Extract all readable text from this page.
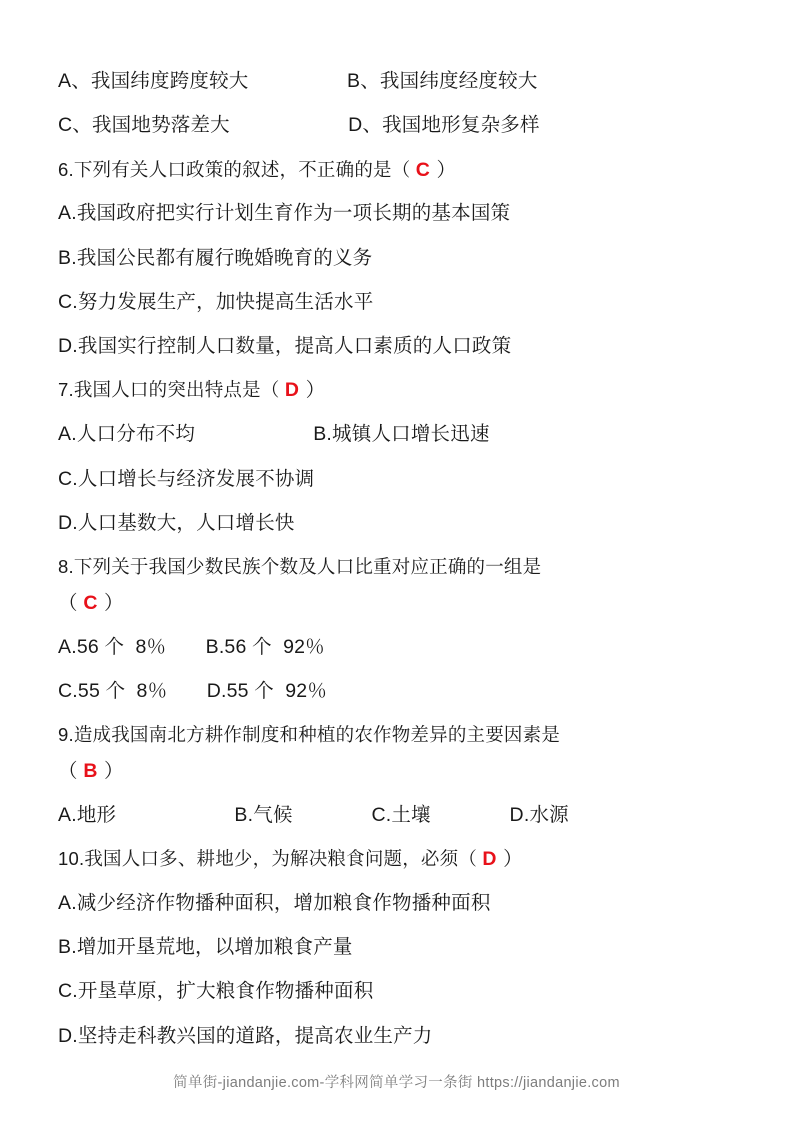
A、我国纬度跨度较大　　　　　B、我国纬度经度较大

C、我国地势落差大　　　　　　D、我国地形复杂多样

6.下列有关人口政策的叙述，不正确的是（ C ）

A.我国政府把实行计划生育作为一项长期的基本国策

B.我国公民都有履行晚婚晚育的义务

C.努力发展生产，加快提高生活水平

D.我国实行控制人口数量，提高人口素质的人口政策

7.我国人口的突出特点是（ D ）

A.人口分布不均　　　　　　B.城镇人口增长迅速

C.人口增长与经济发展不协调

D.人口基数大，人口增长快

8.下列关于我国少数民族个数及人口比重对应正确的一组是

（ C ）

A.56 个  8％　　B.56 个  92％

C.55 个  8％　　D.55 个  92％

9.造成我国南北方耕作制度和种植的农作物差异的主要因素是

（ B ）

A.地形　　　　　　B.气候　　　　C.土壤　　　　D.水源

10.我国人口多、耕地少，为解决粮食问题，必须（ D ）

A.减少经济作物播种面积，增加粮食作物播种面积

B.增加开垦荒地，以增加粮食产量

C.开垦草原，扩大粮食作物播种面积

D.坚持走科教兴国的道路，提高农业生产力

简单街-jiandanjie.com-学科网简单学习一条街 https://jiandanjie.com
